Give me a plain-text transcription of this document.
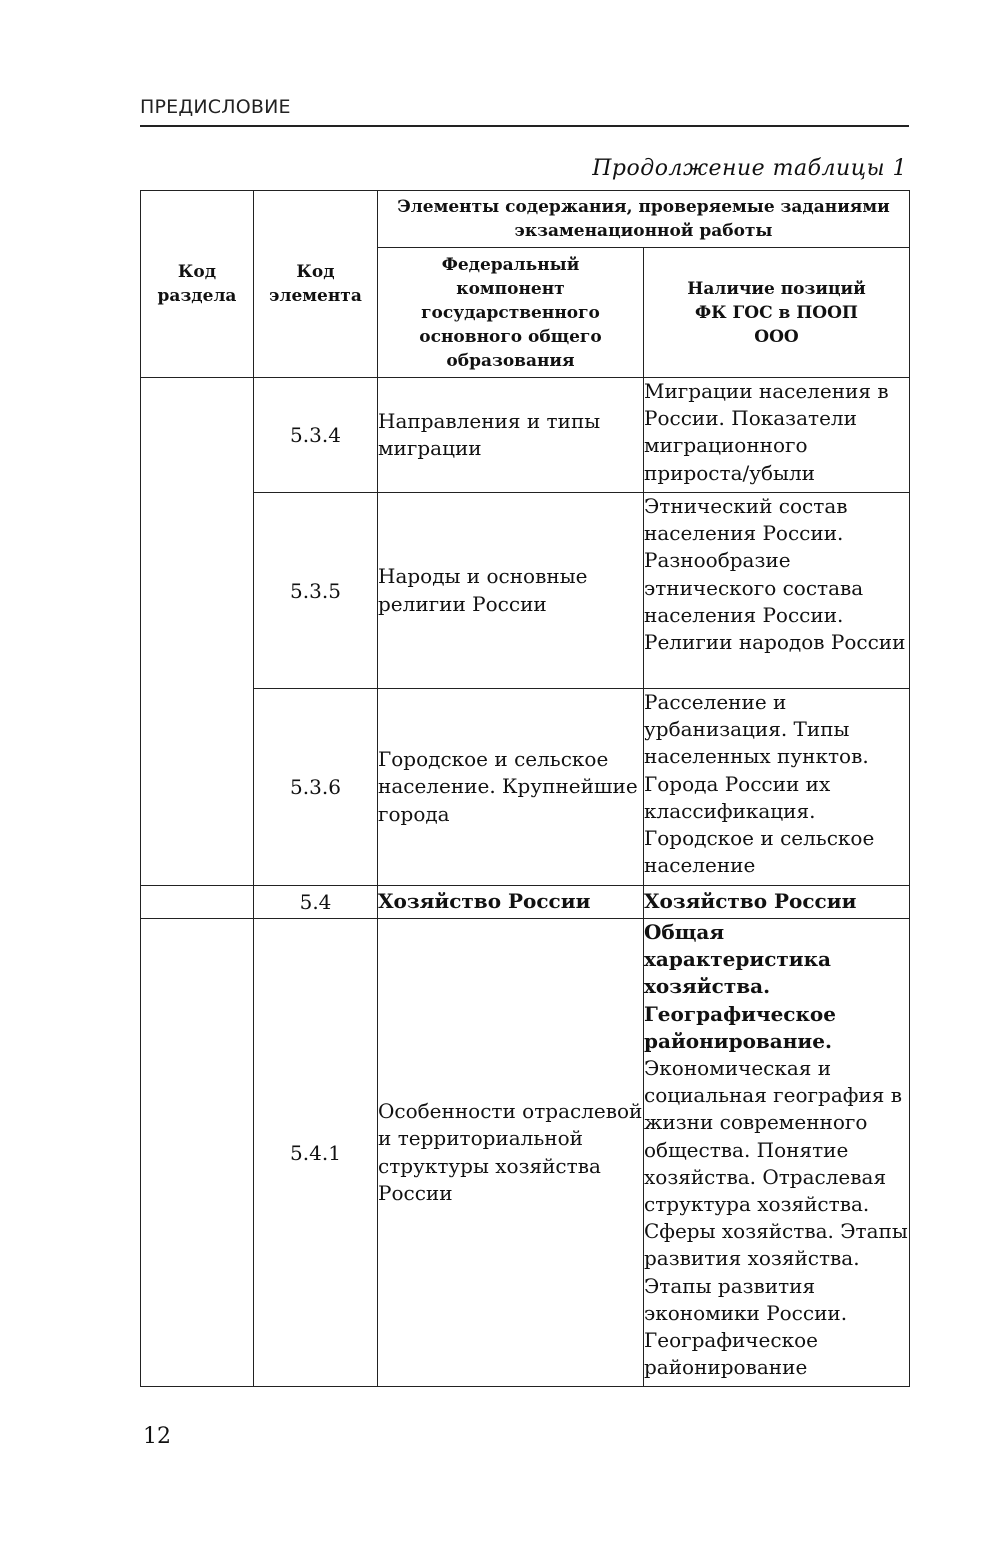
ПРЕДИСЛОВИЕ
Продолжение таблицы 1
Код раздела	Код элемента	Элементы содержания, проверяемые заданиями экзаменационной работы	
		Федеральный компонент государственного основного общего образования	Наличие позиций ФК ГОС в ПООП ООО
	5.3.4	Направления и типы миграции	Миграции населения в России. Показатели миграционного прироста/убыли
	5.3.5	Народы и основные религии России	Этнический состав населения России. Разнообразие этнического состава населения России. Религии народов России
	5.3.6	Городское и сельское население. Крупнейшие города	Расселение и урбанизация. Типы населенных пунктов. Города России их классификация. Городское и сельское население
	5.4	Хозяйство России	Хозяйство России
	5.4.1	Особенности отраслевой и территориальной структуры хозяйства России	Общая характеристика хозяйства. Географическое районирование. Экономическая и социальная география в жизни современного общества. Понятие хозяйства. Отраслевая структура хозяйства. Сферы хозяйства. Этапы развития хозяйства. Этапы развития экономики России. Географическое районирование
12
